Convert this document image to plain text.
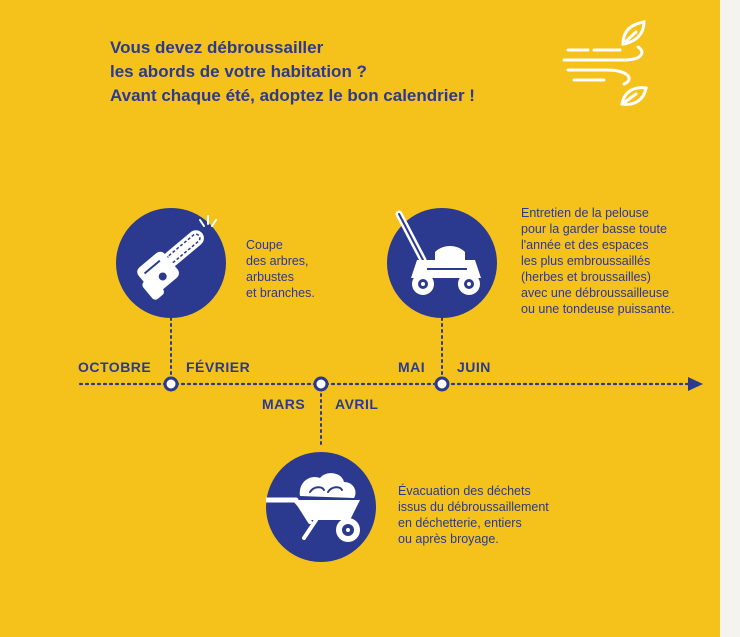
Vous devez débroussailler
les abords de votre habitation ?
Avant chaque été, adoptez le bon calendrier !
OCTOBRE FÉVRIER
MARS AVRIL
MAI JUIN
Coupe
des arbres,
arbustes
et branches.
Entretien de la pelouse
pour la garder basse toute
l'année et des espaces
les plus embroussaillés
(herbes et broussailles)
avec une débroussailleuse
ou une tondeuse puissante.
Évacuation des déchets
issus du débroussaillement
en déchetterie, entiers
ou après broyage.
